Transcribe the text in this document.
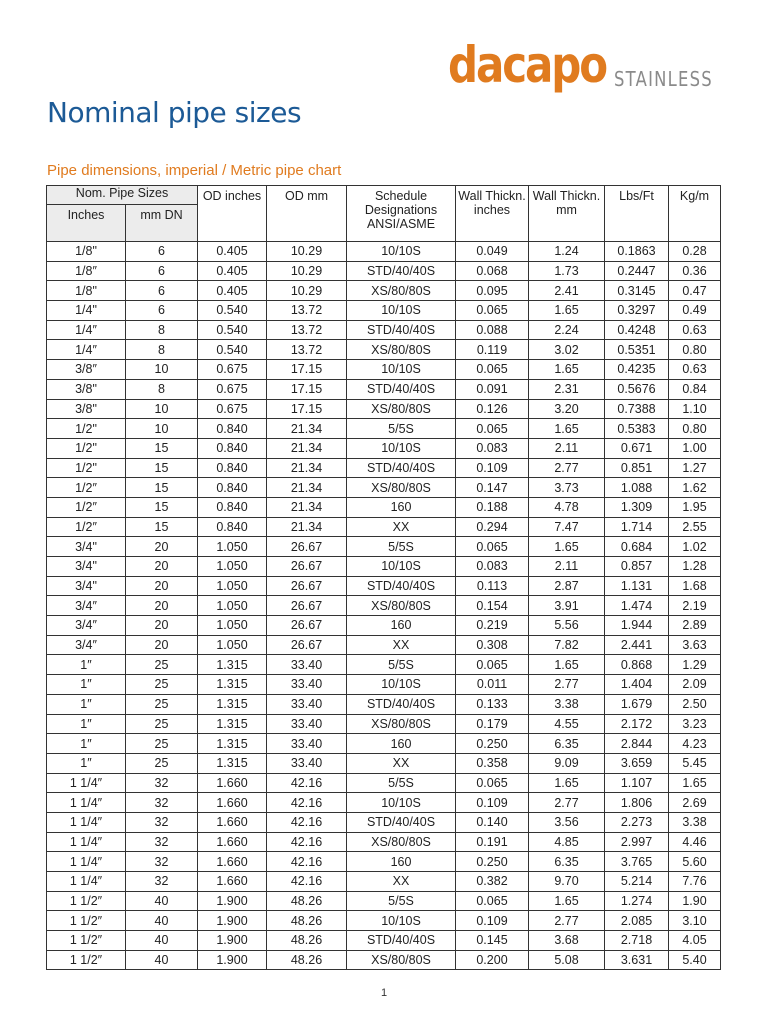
dacapo STAINLESS
Nominal pipe sizes
Pipe dimensions, imperial / Metric pipe chart
Nom. Pipe Sizes		OD inches	OD mm	Schedule Designations ANSI/ASME	Wall Thickn. inches	Wall Thickn. mm	Lbs/Ft	Kg/m
Inches	mm DN							
1/8"	6	0.405	10.29	10/10S	0.049	1.24	0.1863	0.28
1/8″	6	0.405	10.29	STD/40/40S	0.068	1.73	0.2447	0.36
1/8"	6	0.405	10.29	XS/80/80S	0.095	2.41	0.3145	0.47
1/4"	6	0.540	13.72	10/10S	0.065	1.65	0.3297	0.49
1/4″	8	0.540	13.72	STD/40/40S	0.088	2.24	0.4248	0.63
1/4″	8	0.540	13.72	XS/80/80S	0.119	3.02	0.5351	0.80
3/8″	10	0.675	17.15	10/10S	0.065	1.65	0.4235	0.63
3/8"	8	0.675	17.15	STD/40/40S	0.091	2.31	0.5676	0.84
3/8"	10	0.675	17.15	XS/80/80S	0.126	3.20	0.7388	1.10
1/2"	10	0.840	21.34	5/5S	0.065	1.65	0.5383	0.80
1/2"	15	0.840	21.34	10/10S	0.083	2.11	0.671	1.00
1/2"	15	0.840	21.34	STD/40/40S	0.109	2.77	0.851	1.27
1/2″	15	0.840	21.34	XS/80/80S	0.147	3.73	1.088	1.62
1/2″	15	0.840	21.34	160	0.188	4.78	1.309	1.95
1/2″	15	0.840	21.34	XX	0.294	7.47	1.714	2.55
3/4"	20	1.050	26.67	5/5S	0.065	1.65	0.684	1.02
3/4"	20	1.050	26.67	10/10S	0.083	2.11	0.857	1.28
3/4"	20	1.050	26.67	STD/40/40S	0.113	2.87	1.131	1.68
3/4″	20	1.050	26.67	XS/80/80S	0.154	3.91	1.474	2.19
3/4″	20	1.050	26.67	160	0.219	5.56	1.944	2.89
3/4″	20	1.050	26.67	XX	0.308	7.82	2.441	3.63
1″	25	1.315	33.40	5/5S	0.065	1.65	0.868	1.29
1″	25	1.315	33.40	10/10S	0.011	2.77	1.404	2.09
1″	25	1.315	33.40	STD/40/40S	0.133	3.38	1.679	2.50
1″	25	1.315	33.40	XS/80/80S	0.179	4.55	2.172	3.23
1″	25	1.315	33.40	160	0.250	6.35	2.844	4.23
1″	25	1.315	33.40	XX	0.358	9.09	3.659	5.45
1 1/4″	32	1.660	42.16	5/5S	0.065	1.65	1.107	1.65
1 1/4″	32	1.660	42.16	10/10S	0.109	2.77	1.806	2.69
1 1/4″	32	1.660	42.16	STD/40/40S	0.140	3.56	2.273	3.38
1 1/4″	32	1.660	42.16	XS/80/80S	0.191	4.85	2.997	4.46
1 1/4″	32	1.660	42.16	160	0.250	6.35	3.765	5.60
1 1/4″	32	1.660	42.16	XX	0.382	9.70	5.214	7.76
1 1/2″	40	1.900	48.26	5/5S	0.065	1.65	1.274	1.90
1 1/2″	40	1.900	48.26	10/10S	0.109	2.77	2.085	3.10
1 1/2″	40	1.900	48.26	STD/40/40S	0.145	3.68	2.718	4.05
1 1/2″	40	1.900	48.26	XS/80/80S	0.200	5.08	3.631	5.40
1
